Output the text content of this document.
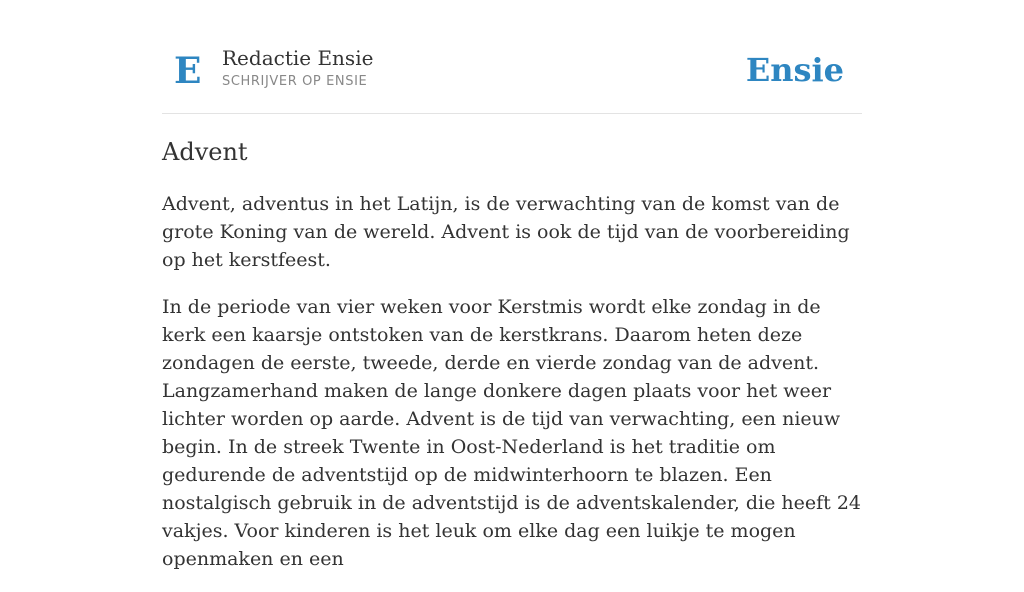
E Redactie Ensie
SCHRIJVER OP ENSIE	Ensie
Advent

Advent, adventus in het Latijn, is de verwachting van de komst van de grote Koning van de wereld. Advent is ook de tijd van de voorbereiding op het kerstfeest.

In de periode van vier weken voor Kerstmis wordt elke zondag in de kerk een kaarsje ontstoken van de kerstkrans. Daarom heten deze zondagen de eerste, tweede, derde en vierde zondag van de advent. Langzamerhand maken de lange donkere dagen plaats voor het weer lichter worden op aarde. Advent is de tijd van verwachting, een nieuw begin. In de streek Twente in Oost-Nederland is het traditie om gedurende de adventstijd op de midwinterhoorn te blazen. Een nostalgisch gebruik in de adventstijd is de adventskalender, die heeft 24 vakjes. Voor kinderen is het leuk om elke dag een luikje te mogen openmaken en een
